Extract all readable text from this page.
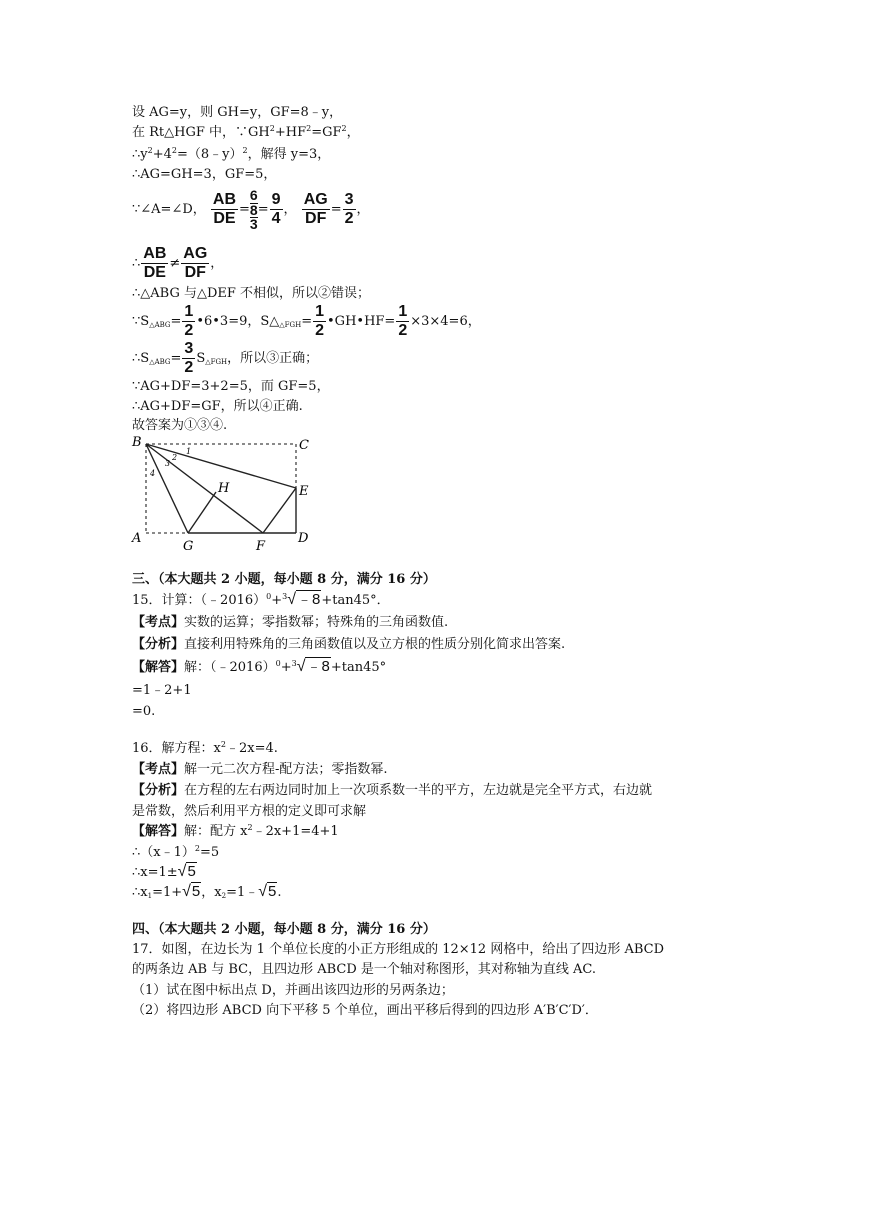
设 AG=y，则 GH=y，GF=8﹣y，
在 Rt△HGF 中，$\because GH^2+HF^2=GF^2$，
$\therefore y^2+4^2=(8﹣y)^2$，解得 y=3，
∴AG=GH=3，GF=5，
∵∠A=∠D， $\frac{AB}{DE} = \frac{6}{\frac{8}{3}} = \frac{9}{4}$ ， $\frac{AG}{DF} = \frac{3}{2}$ ，
∴ $\frac{AB}{DE} \ne \frac{AG}{DF}$ ，
∴△ABG 与△DEF 不相似，所以②错误；
$\because S_{\triangle ABG}= \frac{1}{2}$ •6•3=9，$S\triangle_{\triangle FGH}= \frac{1}{2}$ •GH•HF= $\frac{1}{2} \times 3\times 4=6$，
$\therefore S_{\triangle ABG}= \frac{3}{2} S_{\triangle FGH}$，所以③正确；
∵AG+DF=3+2=5，而 GF=5，
∴AG+DF=GF，所以④正确.
故答案为①③④.
B	C
A	D
E
F
G
H
1
2
3
4
三、（本大题共 2 小题，每小题 8 分，满分 16 分）
15．计算：（﹣2016）$^0$+$^3$√﹣8+tan45°．
【考点】实数的运算；零指数幂；特殊角的三角函数值.
【分析】直接利用特殊角的三角函数值以及立方根的性质分别化简求出答案.
【解答】解：（﹣2016）$^0$+$^3$√﹣8+tan45°
=1﹣2+1
=0.
16．解方程：$x^2﹣2x=4$.
【考点】解一元二次方程-配方法；零指数幂.
【分析】在方程的左右两边同时加上一次项系数一半的平方，左边就是完全平方式，右边就
是常数，然后利用平方根的定义即可求解
【解答】解：配方 $x^2﹣2x+1=4+1$
∴（x﹣1）$^2$=5
∴x=1±√5
$\therefore x_1=1+√5$，$x_2=1﹣√5$.
四、（本大题共 2 小题，每小题 8 分，满分 16 分）
17．如图，在边长为 1 个单位长度的小正方形组成的 12×12 网格中，给出了四边形 ABCD
的两条边 AB 与 BC，且四边形 ABCD 是一个轴对称图形，其对称轴为直线 AC.
（1）试在图中标出点 D，并画出该四边形的另两条边；
（2）将四边形 ABCD 向下平移 5 个单位，画出平移后得到的四边形 A′B′C′D′．
